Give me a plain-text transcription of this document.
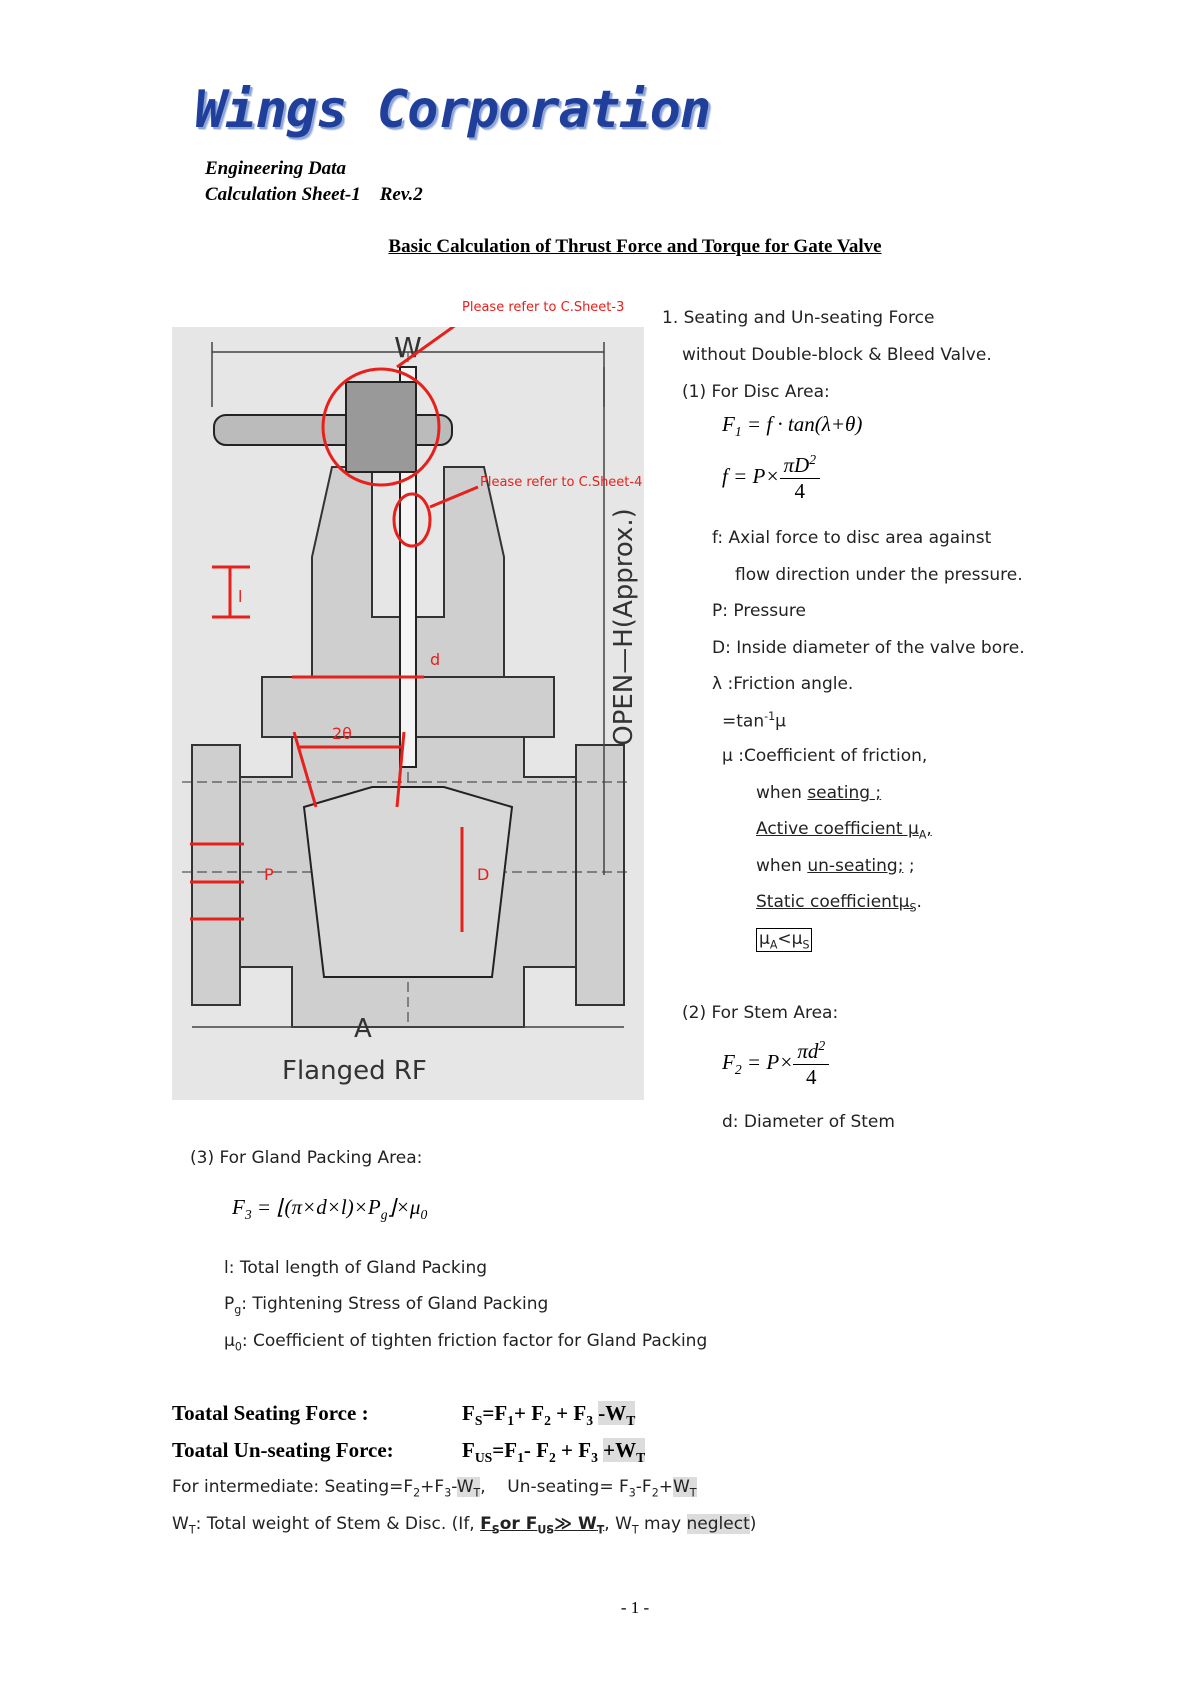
Wings Corporation
Engineering Data
Calculation Sheet-1 Rev.2
Basic Calculation of Thrust Force and Torque for Gate Valve
W
OPEN—H(Approx.)
A
Flanged RF
l
d
2θ
P	D
Please refer to C.Sheet-3
Please refer to C.Sheet-4
1. Seating and Un-seating Force
without Double-block & Bleed Valve.
(1) For Disc Area:
$F_1 = f \cdot \tan(\lambda+\theta)$
$f = P\times \frac{\pi D^2}{4}$
f: Axial force to disc area against
flow direction under the pressure.
P: Pressure
D: Inside diameter of the valve bore.
λ :Friction angle.
$=\tan^{-1}\mu$
μ :Coefficient of friction,
when seating ;
Active coefficient $\mu_A$,
when un-seating; ;
Static coefficientμ$_S$.
$\mu_A<\mu_S$
(2) For Stem Area:
$F_2 = P\times \frac{\pi d^2}{4}$
d: Diameter of Stem
(3) For Gland Packing Area:
$F_3$ = $⌊(\pi\times d\times l)\times P_g⌋\times\mu_0$
l: Total length of Gland Packing
$P_g$: Tightening Stress of Gland Packing
$\mu_0$: Coefficient of tighten friction factor for Gland Packing
Toatal Seating Force :	$F_S=F_1+ F_2 + F_3$ $-W_T$
Toatal Un-seating Force:	$F_{US}=F_1-$ $F_2 + F_3 +W_T$
For intermediate: $Seating=F_2+F_3-W_T$,    Un-seating= $F_3-F_2+W_T$
$W_T$: Total weight of Stem & Disc. (If, $F_Sor$ $F_{US}≫$ $W_T$, $W_T$ may neglect)
- 1 -
